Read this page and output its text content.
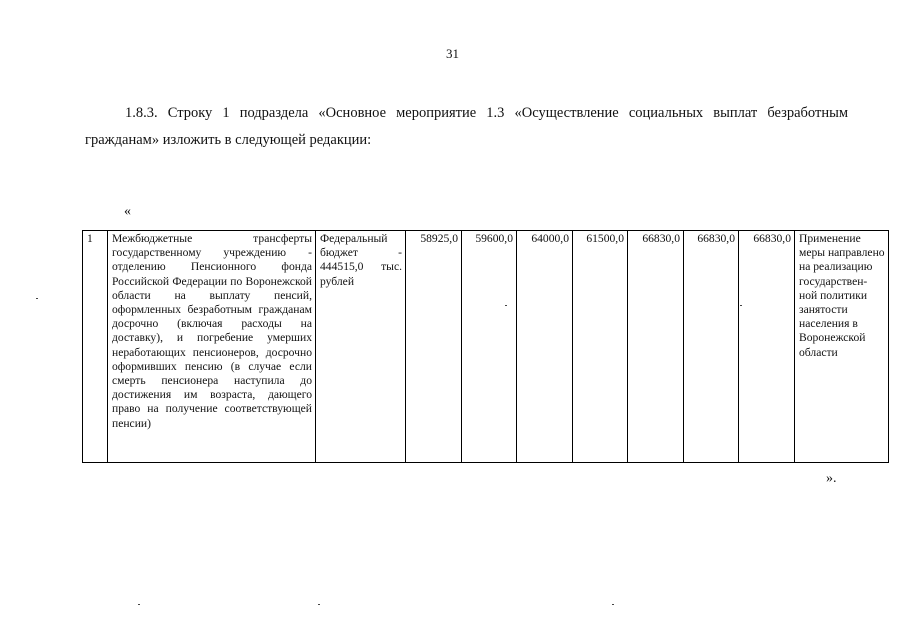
31
1.8.3. Строку 1 подраздела «Основное мероприятие 1.3 «Осуществление социальных выплат безработным гражданам» изложить в следующей редакции:
«
1	Межбюджетные трансферты государственному учреждению - отделению Пенсионного фонда Российской Федерации по Воронежской области на выплату пенсий, оформленных безработным гражданам досрочно (включая расходы на доставку), и погребение умерших неработающих пенсионеров, досрочно оформивших пенсию (в случае если смерть пенсионера наступила до достижения им возраста, дающего право на получение соответствующей пенсии)	Федеральный бюджет - 444515,0 тыс. рублей	58925,0	59600,0	64000,0	61500,0	66830,0	66830,0	66830,0	Применение меры направлено на реализацию государствен-ной политики занятости населения в Воронежской области
».
